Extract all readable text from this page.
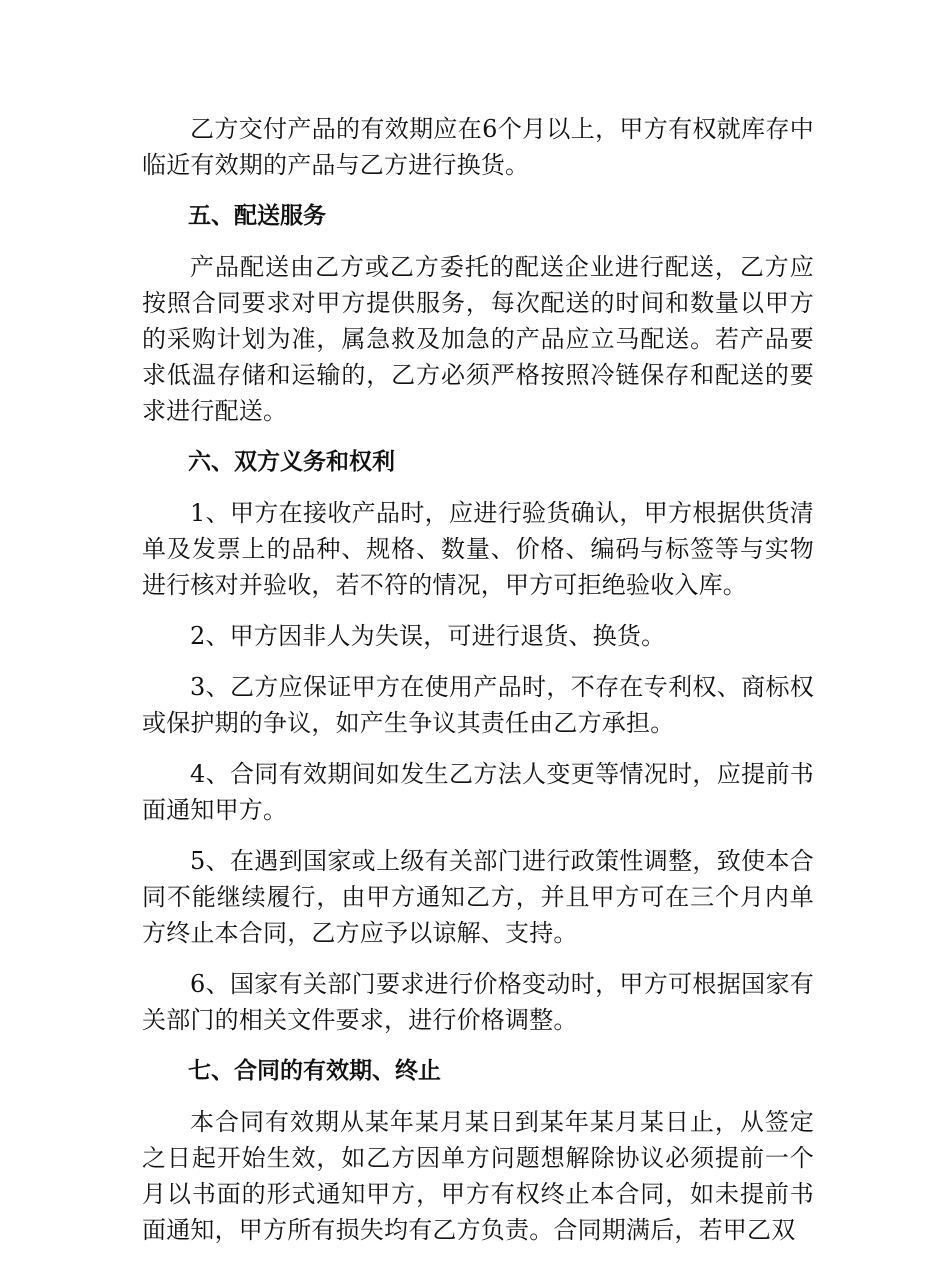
乙方交付产品的有效期应在6个月以上，甲方有权就库存中临近有效期的产品与乙方进行换货。

五、配送服务

产品配送由乙方或乙方委托的配送企业进行配送，乙方应按照合同要求对甲方提供服务，每次配送的时间和数量以甲方的采购计划为准，属急救及加急的产品应立马配送。若产品要求低温存储和运输的，乙方必须严格按照冷链保存和配送的要求进行配送。

六、双方义务和权利

1、甲方在接收产品时，应进行验货确认，甲方根据供货清单及发票上的品种、规格、数量、价格、编码与标签等与实物进行核对并验收，若不符的情况，甲方可拒绝验收入库。

2、甲方因非人为失误，可进行退货、换货。

3、乙方应保证甲方在使用产品时，不存在专利权、商标权或保护期的争议，如产生争议其责任由乙方承担。

4、合同有效期间如发生乙方法人变更等情况时，应提前书面通知甲方。

5、在遇到国家或上级有关部门进行政策性调整，致使本合同不能继续履行，由甲方通知乙方，并且甲方可在三个月内单方终止本合同，乙方应予以谅解、支持。

6、国家有关部门要求进行价格变动时，甲方可根据国家有关部门的相关文件要求，进行价格调整。

七、合同的有效期、终止

本合同有效期从某年某月某日到某年某月某日止，从签定之日起开始生效，如乙方因单方问题想解除协议必须提前一个月以书面的形式通知甲方，甲方有权终止本合同，如未提前书面通知，甲方所有损失均有乙方负责。合同期满后，若甲乙双
